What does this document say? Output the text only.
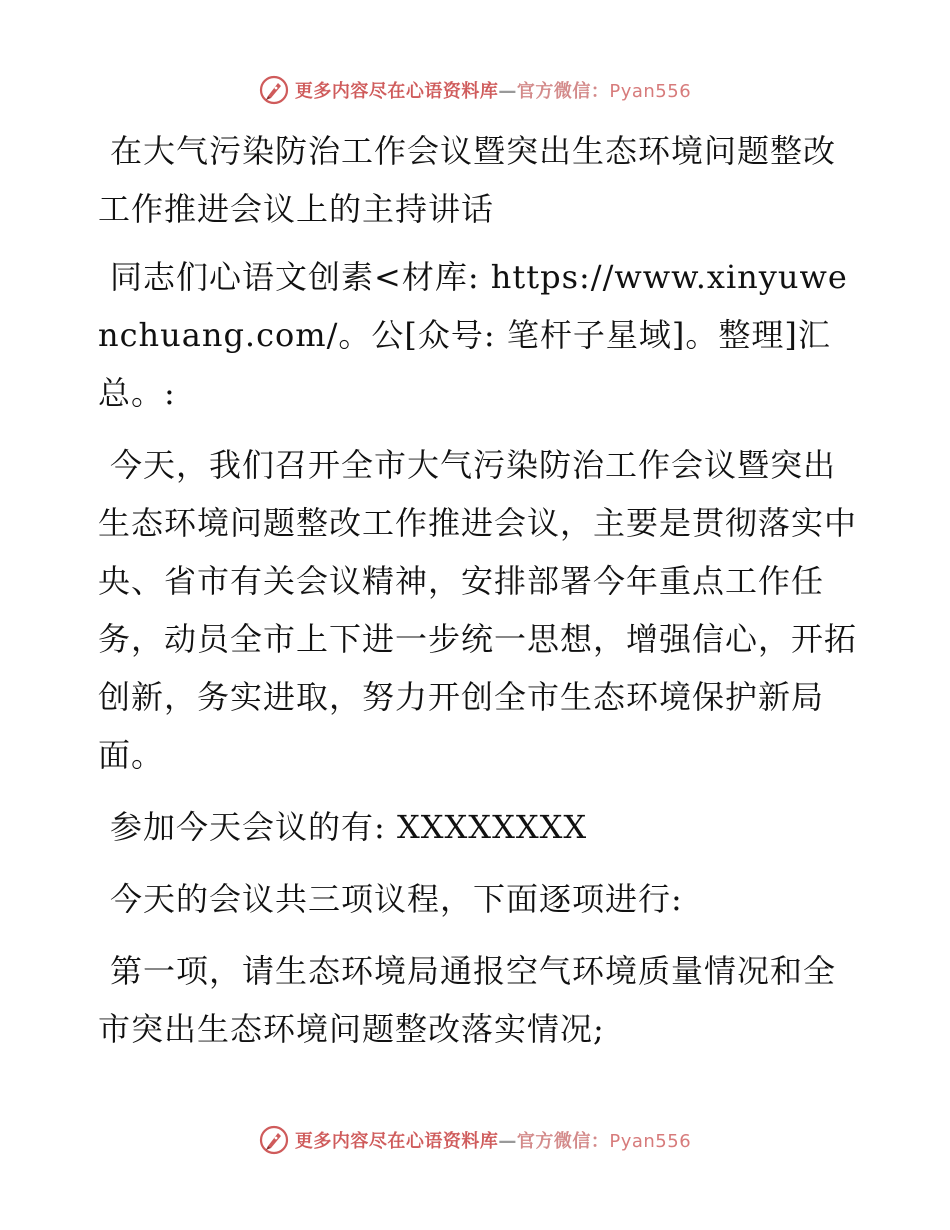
更多内容尽在心语资料库—官方微信：Pyan556

在大气污染防治工作会议暨突出生态环境问题整改工作推进会议上的主持讲话

同志们心语文创素<材库: https://www.xinyuwenchuang.com/。公[众号: 笔杆子星域]。整理]汇总。:

今天，我们召开全市大气污染防治工作会议暨突出生态环境问题整改工作推进会议，主要是贯彻落实中央、省市有关会议精神，安排部署今年重点工作任务，动员全市上下进一步统一思想，增强信心，开拓创新，务实进取，努力开创全市生态环境保护新局面。

参加今天会议的有: XXXXXXXX

今天的会议共三项议程，下面逐项进行:

第一项，请生态环境局通报空气环境质量情况和全市突出生态环境问题整改落实情况;

更多内容尽在心语资料库—官方微信：Pyan556
